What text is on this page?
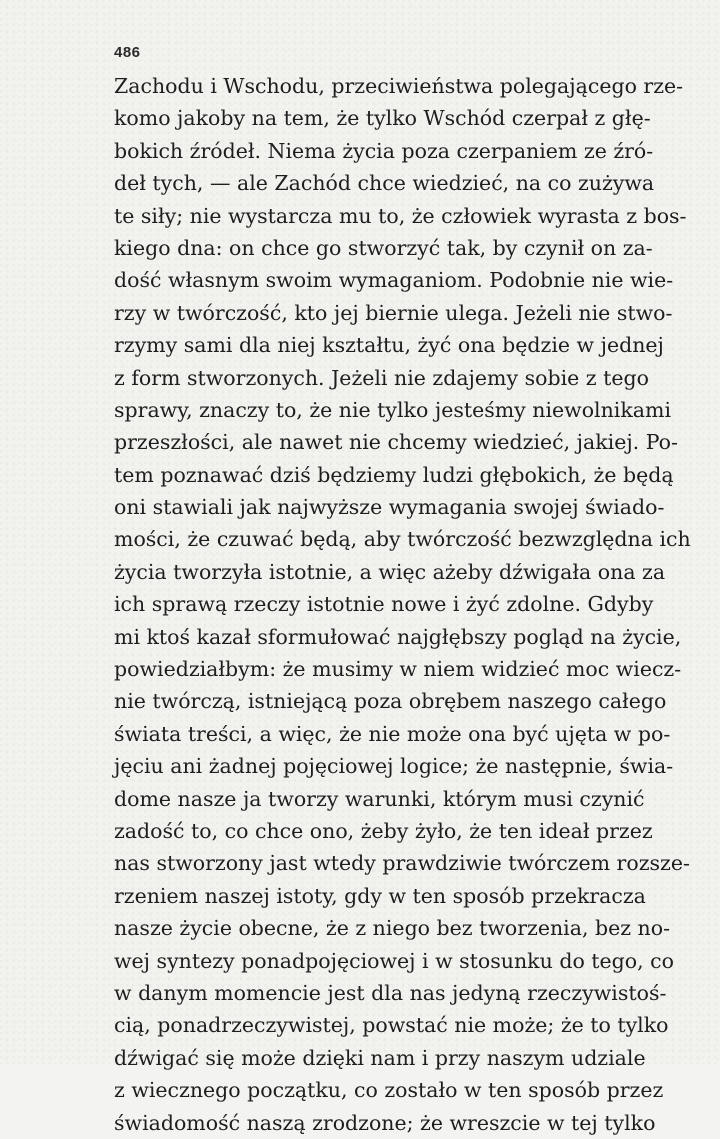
486
Zachodu i Wschodu, przeciwieństwa polegającego rze-
komo jakoby na tem, że tylko Wschód czerpał z głę-
bokich źródeł. Niema życia poza czerpaniem ze źró-
deł tych, — ale Zachód chce wiedzieć, na co zużywa
te siły; nie wystarcza mu to, że człowiek wyrasta z bos-
kiego dna: on chce go stworzyć tak, by czynił on za-
dość własnym swoim wymaganiom. Podobnie nie wie-
rzy w twórczość, kto jej biernie ulega. Jeżeli nie stwo-
rzymy sami dla niej kształtu, żyć ona będzie w jednej
z form stworzonych. Jeżeli nie zdajemy sobie z tego
sprawy, znaczy to, że nie tylko jesteśmy niewolnikami
przeszłości, ale nawet nie chcemy wiedzieć, jakiej. Po-
tem poznawać dziś będziemy ludzi głębokich, że będą
oni stawiali jak najwyższe wymagania swojej świado-
mości, że czuwać będą, aby twórczość bezwzględna ich
życia tworzyła istotnie, a więc ażeby dźwigała ona za
ich sprawą rzeczy istotnie nowe i żyć zdolne. Gdyby
mi ktoś kazał sformułować najgłębszy pogląd na życie,
powiedziałbym: że musimy w niem widzieć moc wiecz-
nie twórczą, istniejącą poza obrębem naszego całego
świata treści, a więc, że nie może ona być ujęta w po-
jęciu ani żadnej pojęciowej logice; że następnie, świa-
dome nasze ja tworzy warunki, którym musi czynić
zadość to, co chce ono, żeby żyło, że ten ideał przez
nas stworzony jast wtedy prawdziwie twórczem rozsze-
rzeniem naszej istoty, gdy w ten sposób przekracza
nasze życie obecne, że z niego bez tworzenia, bez no-
wej syntezy ponadpojęciowej i w stosunku do tego, co
w danym momencie jest dla nas jedyną rzeczywistoś-
cią, ponadrzeczywistej, powstać nie może; że to tylko
dźwigać się może dzięki nam i przy naszym udziale
z wiecznego początku, co zostało w ten sposób przez
świadomość naszą zrodzone; że wreszcie w tej tylko
